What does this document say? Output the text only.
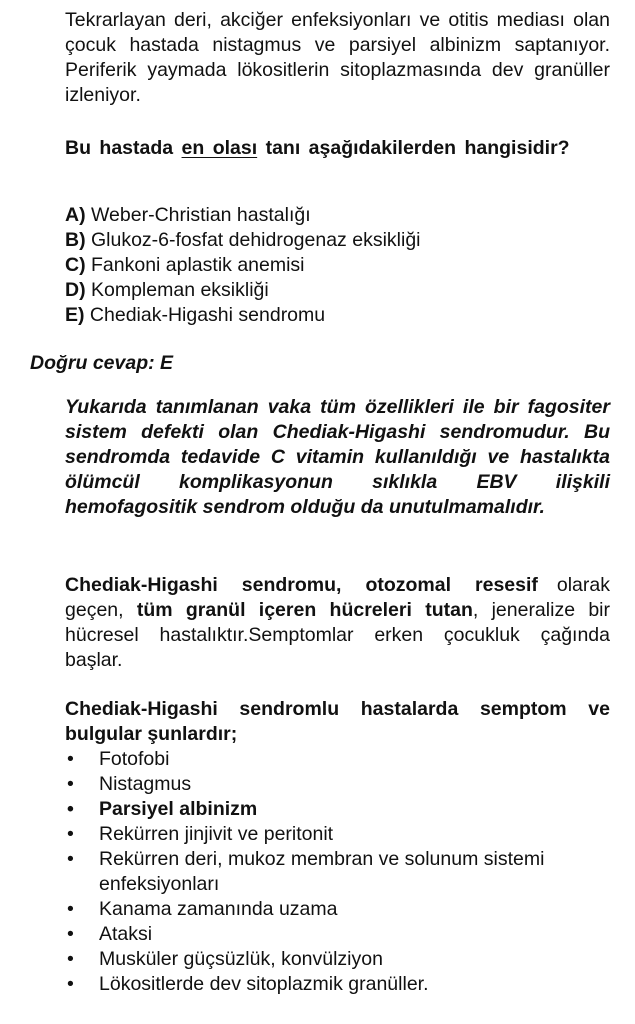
Tekrarlayan deri, akciğer enfeksiyonları ve otitis mediası olan çocuk hastada nistagmus ve parsiyel albinizm saptanıyor. Periferik yaymada lökositlerin sitoplazmasında dev granüller izleniyor.

Bu hastada en olası tanı aşağıdakilerden hangisidir?

A) Weber-Christian hastalığı

B) Glukoz-6-fosfat dehidrogenaz eksikliği

C) Fankoni aplastik anemisi

D) Kompleman eksikliği

E) Chediak-Higashi sendromu

Doğru cevap: E

Yukarıda tanımlanan vaka tüm özellikleri ile bir fagositer sistem defekti olan Chediak-Higashi sendromudur. Bu sendromda tedavide C vitamin kullanıldığı ve hastalıkta ölümcül komplikasyonun sıklıkla EBV ilişkili hemofagositik sendrom olduğu da unutulmamalıdır.

Chediak-Higashi sendromu, otozomal resesif olarak geçen, tüm granül içeren hücreleri tutan, jeneralize bir hücresel hastalıktır.Semptomlar erken çocukluk çağında başlar.

Chediak-Higashi sendromlu hastalarda semptom ve bulgular şunlardır;

• Fotofobi
• Nistagmus
• Parsiyel albinizm
• Rekürren jinjivit ve peritonit
• Rekürren deri, mukoz membran ve solunum sistemi enfeksiyonları
• Kanama zamanında uzama
• Ataksi
• Musküler güçsüzlük, konvülziyon
• Lökositlerde dev sitoplazmik granüller.
